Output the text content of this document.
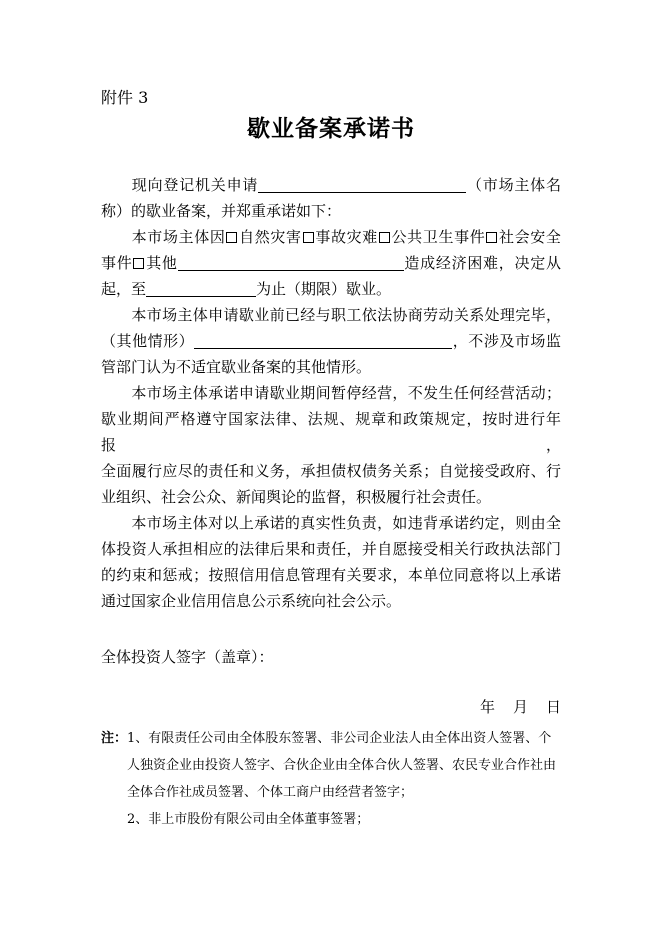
附件 3
歇业备案承诺书

现向登记机关申请	（市场主体名

称）的歇业备案，并郑重承诺如下：

本市场主体因 自然灾害 事故灾难 公共卫生事件 社会安全

事件 其他	造成经济困难，决定从

起，至	为止（期限）歇业。

本市场主体申请歇业前已经与职工依法协商劳动关系处理完毕，

（其他情形）	，不涉及市场监

管部门认为不适宜歇业备案的其他情形。

本市场主体承诺申请歇业期间暂停经营，不发生任何经营活动；

歇业期间严格遵守国家法律、法规、规章和政策规定，按时进行年报，

全面履行应尽的责任和义务，承担债权债务关系；自觉接受政府、行

业组织、社会公众、新闻舆论的监督，积极履行社会责任。

本市场主体对以上承诺的真实性负责，如违背承诺约定，则由全

体投资人承担相应的法律后果和责任，并自愿接受相关行政执法部门

的约束和惩戒；按照信用信息管理有关要求，本单位同意将以上承诺

通过国家企业信用信息公示系统向社会公示。

全体投资人签字（盖章）：
年 月 日
注： 1、有限责任公司由全体股东签署、非公司企业法人由全体出资人签署、个

人独资企业由投资人签字、合伙企业由全体合伙人签署、农民专业合作社由

全体合作社成员签署、个体工商户由经营者签字；

2、非上市股份有限公司由全体董事签署；
